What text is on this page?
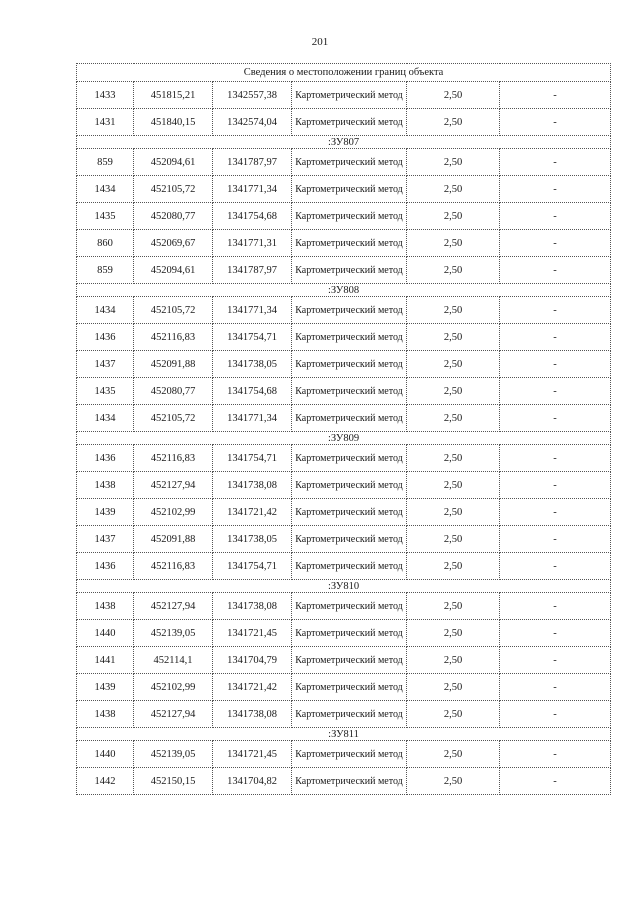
201
Сведения о местоположении границ объекта					
1433	451815,21	1342557,38	Картометрический метод	2,50	-
1431	451840,15	1342574,04	Картометрический метод	2,50	-
:ЗУ807					
859	452094,61	1341787,97	Картометрический метод	2,50	-
1434	452105,72	1341771,34	Картометрический метод	2,50	-
1435	452080,77	1341754,68	Картометрический метод	2,50	-
860	452069,67	1341771,31	Картометрический метод	2,50	-
859	452094,61	1341787,97	Картометрический метод	2,50	-
:ЗУ808					
1434	452105,72	1341771,34	Картометрический метод	2,50	-
1436	452116,83	1341754,71	Картометрический метод	2,50	-
1437	452091,88	1341738,05	Картометрический метод	2,50	-
1435	452080,77	1341754,68	Картометрический метод	2,50	-
1434	452105,72	1341771,34	Картометрический метод	2,50	-
:ЗУ809					
1436	452116,83	1341754,71	Картометрический метод	2,50	-
1438	452127,94	1341738,08	Картометрический метод	2,50	-
1439	452102,99	1341721,42	Картометрический метод	2,50	-
1437	452091,88	1341738,05	Картометрический метод	2,50	-
1436	452116,83	1341754,71	Картометрический метод	2,50	-
:ЗУ810					
1438	452127,94	1341738,08	Картометрический метод	2,50	-
1440	452139,05	1341721,45	Картометрический метод	2,50	-
1441	452114,1	1341704,79	Картометрический метод	2,50	-
1439	452102,99	1341721,42	Картометрический метод	2,50	-
1438	452127,94	1341738,08	Картометрический метод	2,50	-
:ЗУ811					
1440	452139,05	1341721,45	Картометрический метод	2,50	-
1442	452150,15	1341704,82	Картометрический метод	2,50	-
